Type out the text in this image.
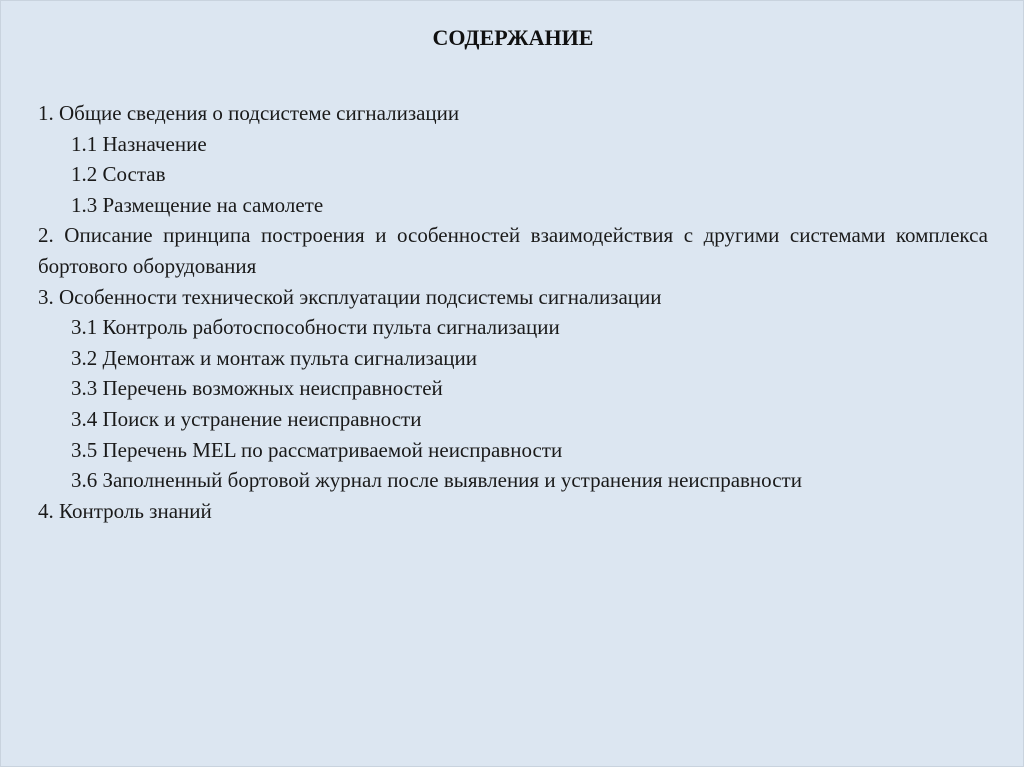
СОДЕРЖАНИЕ
1. Общие сведения о подсистеме сигнализации
1.1 Назначение
1.2 Состав
1.3 Размещение на самолете
2. Описание принципа построения и особенностей взаимодействия с другими системами комплекса бортового оборудования
3. Особенности технической эксплуатации подсистемы сигнализации
3.1 Контроль работоспособности пульта сигнализации
3.2 Демонтаж и монтаж пульта сигнализации
3.3 Перечень возможных неисправностей
3.4 Поиск и устранение неисправности
3.5 Перечень MEL по рассматриваемой неисправности
3.6 Заполненный бортовой журнал после выявления и устранения неисправности
4. Контроль знаний
